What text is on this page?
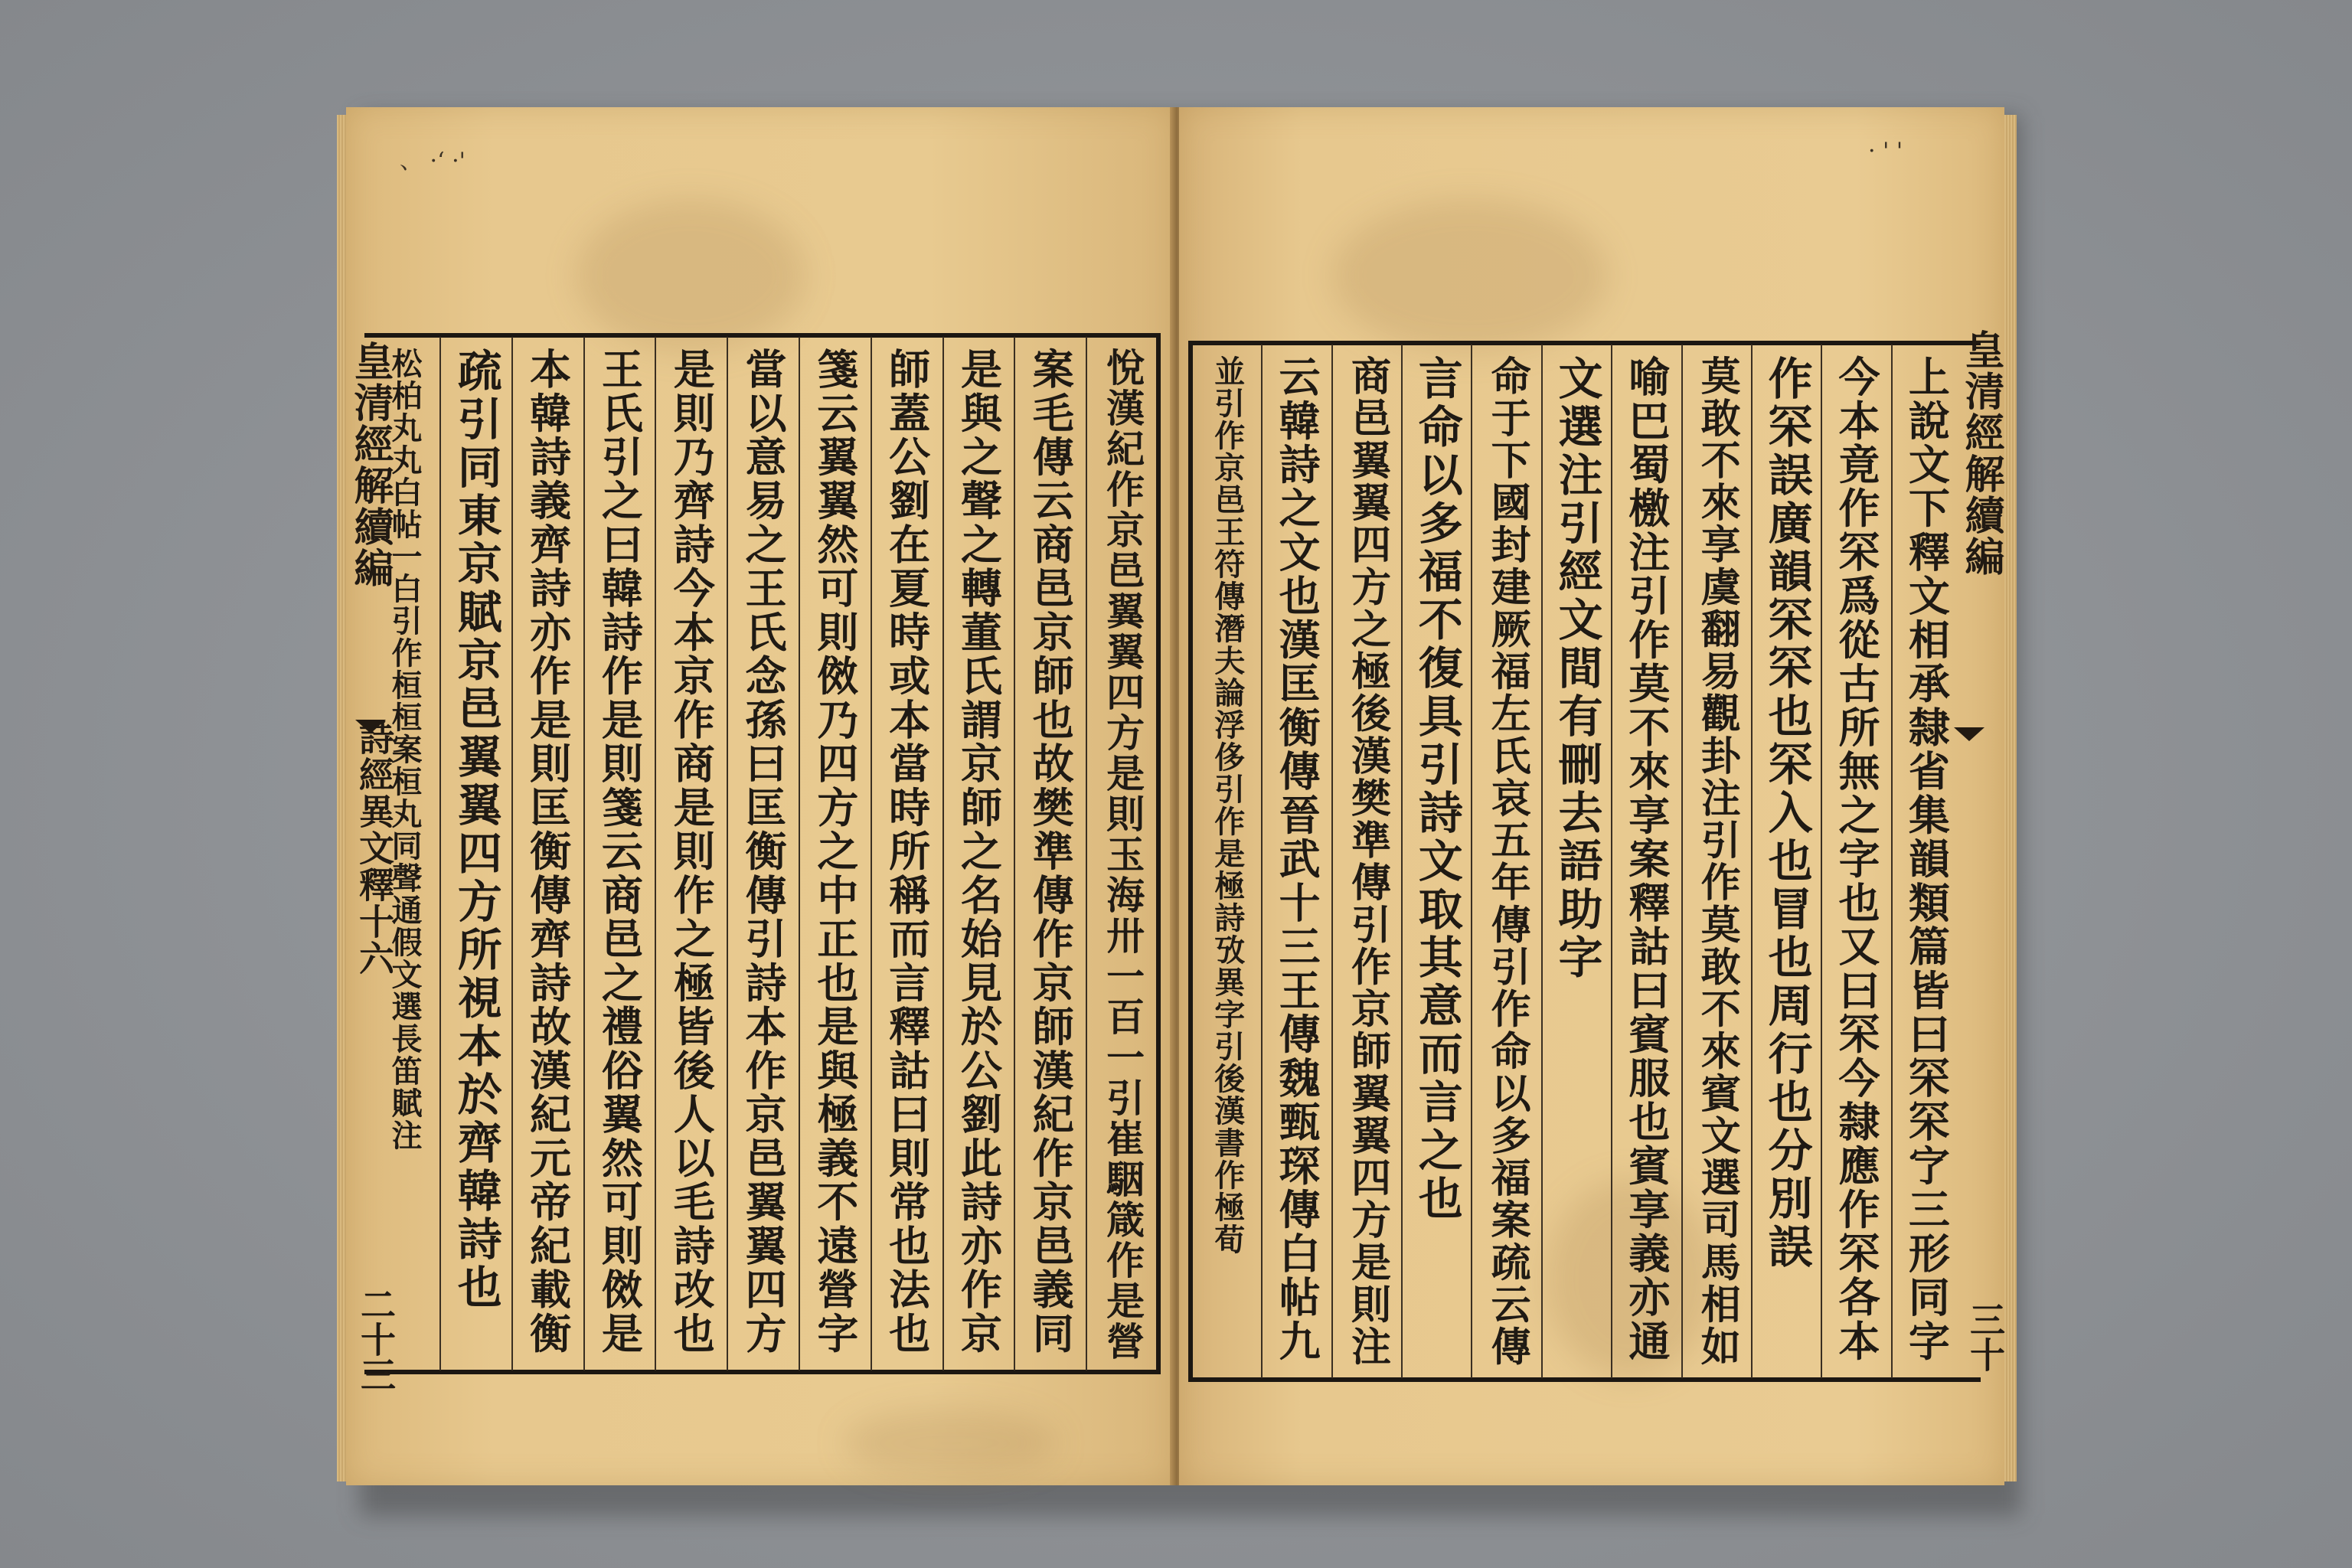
、 ·‘ ·'
悅漢紀作京邑翼翼四方是則玉海卅一百一引崔駰箴作是營
案毛傳云商邑京師也故樊準傳作京師漢紀作京邑義同
是與之聲之轉董氏謂京師之名始見於公劉此詩亦作京
師蓋公劉在夏時或本當時所稱而言釋詁曰則常也法也
箋云翼翼然可則傚乃四方之中正也是與極義不遠營字
當以意易之王氏念孫曰匡衡傳引詩本作京邑翼翼四方
是則乃齊詩今本京作商是則作之極皆後人以毛詩改也
王氏引之曰韓詩作是則箋云商邑之禮俗翼然可則傚是
本韓詩義齊詩亦作是則匡衡傳齊詩故漢紀元帝紀載衡
疏引同東京賦京邑翼翼四方所視本於齊韓詩也
松柏丸丸白帖一白引作桓桓案桓丸同聲通假文選長笛賦注
皇清經解續編
詩經異文釋十六
二十三
· ' '
上說文下釋文相承隸省集韻類篇皆曰罙罙㝋三形同字
今本竟作罙爲從古所無之字也又曰罙今隸應作罙各本
作罙誤廣韻罙罙也罙入也冒也周行也分別誤
莫敢不來享虞翻易觀卦注引作莫敢不來賓文選司馬相如
喻巴蜀檄注引作莫不來享案釋詁曰賓服也賓享義亦通
文選注引經文間有刪去語助字
命于下國封建厥福左氏哀五年傳引作命以多福案疏云傳
言命以多福不復具引詩文取其意而言之也
商邑翼翼四方之極後漢樊準傳引作京師翼翼四方是則注
云韓詩之文也漢匡衡傳晉武十三王傳魏甄琛傳白帖九
並引作京邑王符傳潛夫論浮侈引作是極詩攷異字引後漢書作極荀	皇清經解續編
三十
